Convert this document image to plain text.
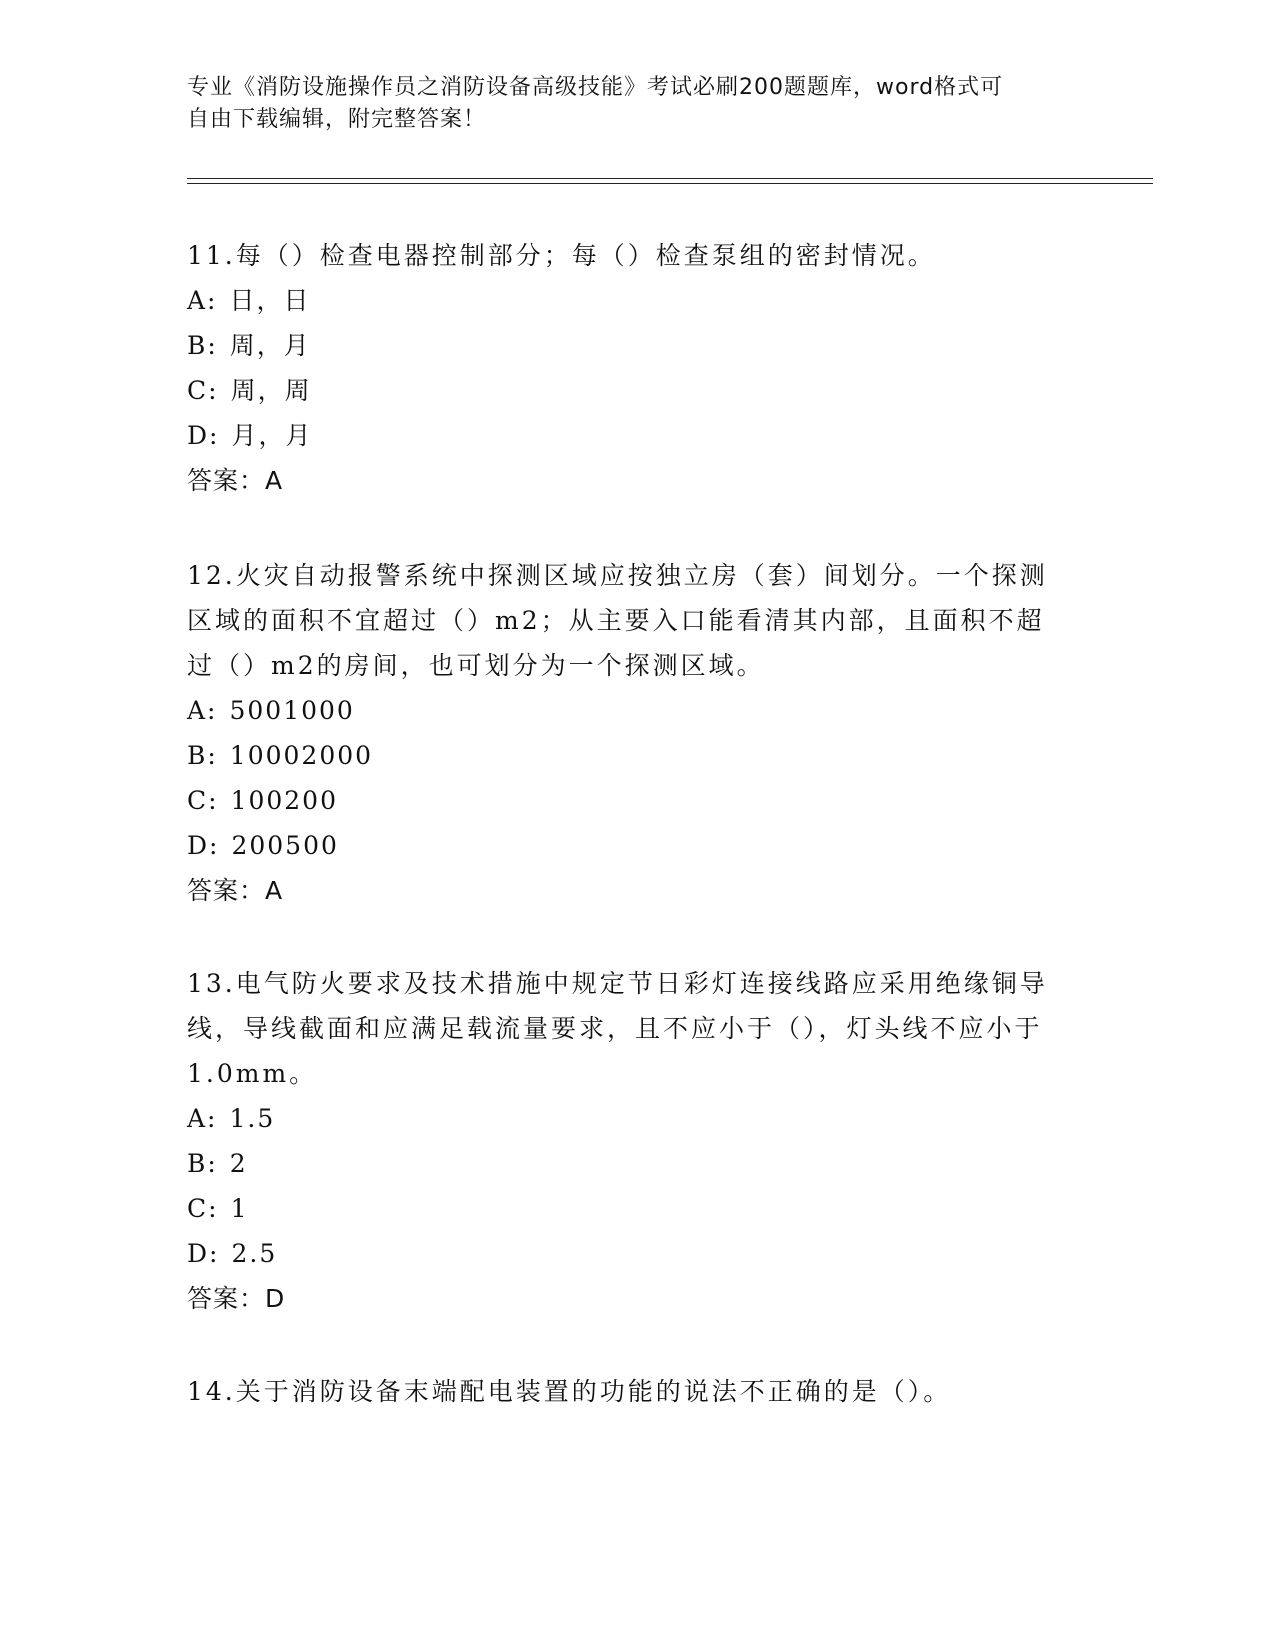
专业《消防设施操作员之消防设备高级技能》考试必刷200题题库，word格式可
自由下载编辑，附完整答案！

11.每（）检查电器控制部分；每（）检查泵组的密封情况。

A: 日，日
B: 周，月
C: 周，周
D: 月，月
答案：A

12.火灾自动报警系统中探测区域应按独立房（套）间划分。一个探测区域的面积不宜超过（）m2；从主要入口能看清其内部，且面积不超过（）m2的房间，也可划分为一个探测区域。

A: 5001000
B: 10002000
C: 100200
D: 200500
答案：A

13.电气防火要求及技术措施中规定节日彩灯连接线路应采用绝缘铜导线，导线截面和应满足载流量要求，且不应小于（），灯头线不应小于1.0mm。

A: 1.5
B: 2
C: 1
D: 2.5
答案：D

14.关于消防设备末端配电装置的功能的说法不正确的是（）。
